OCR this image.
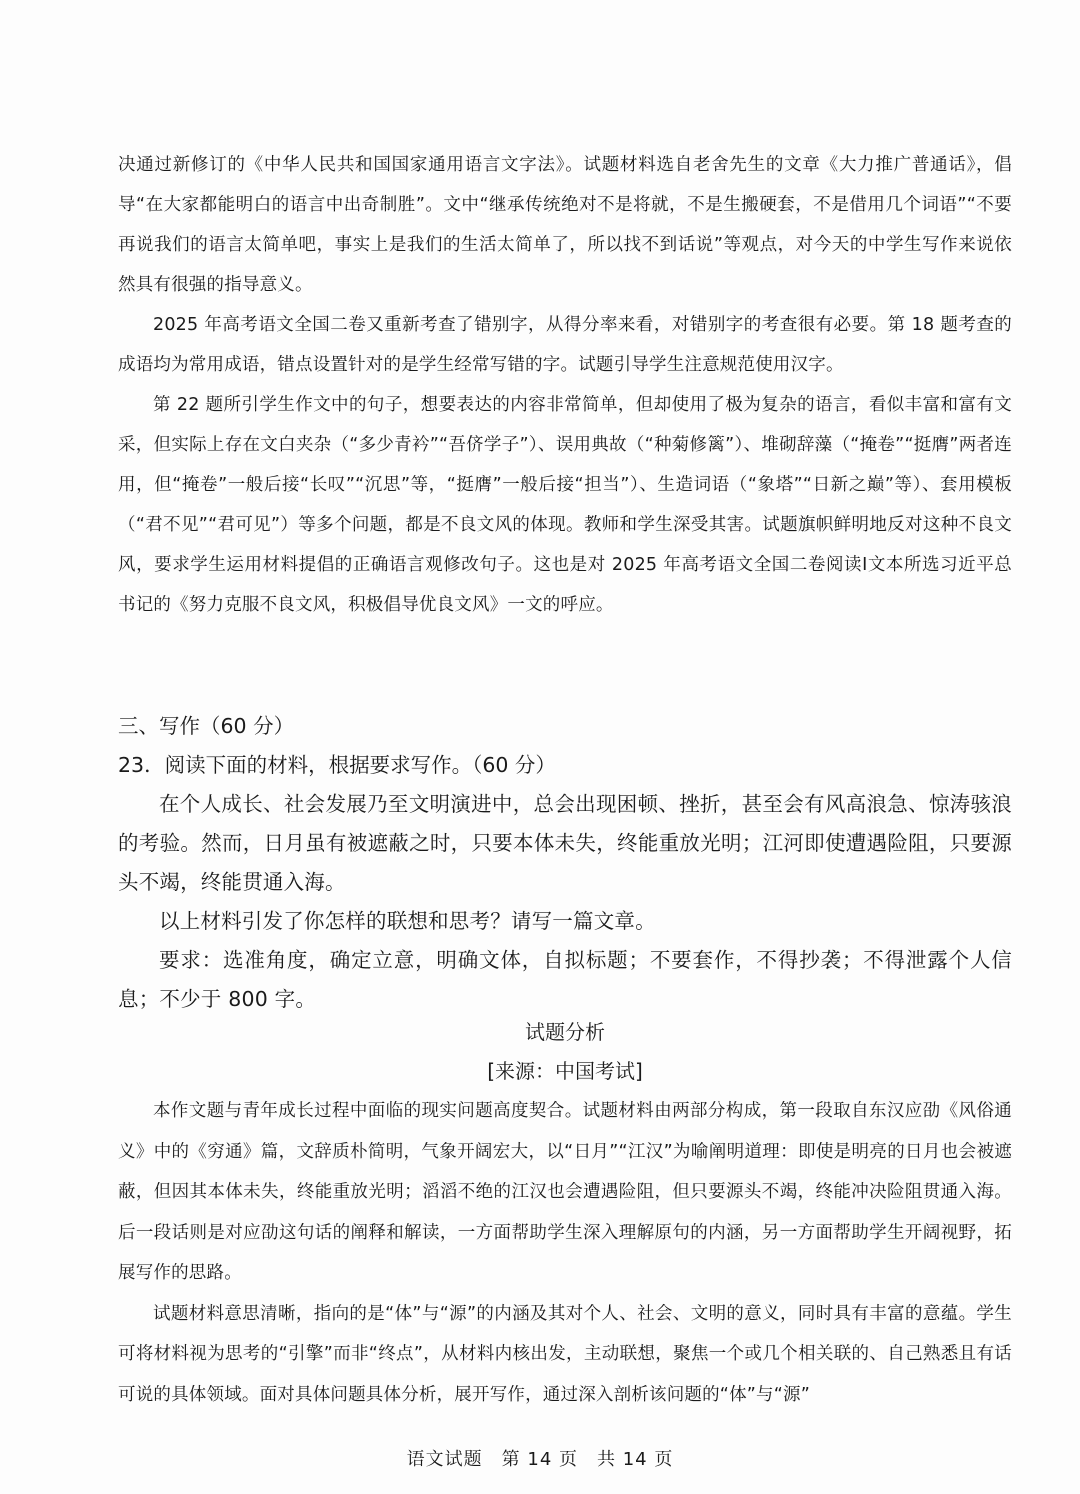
决通过新修订的《中华人民共和国国家通用语言文字法》。试题材料选自老舍先生的文章《大力推广普通话》，倡导“在大家都能明白的语言中出奇制胜”。文中“继承传统绝对不是将就，不是生搬硬套，不是借用几个词语”“不要再说我们的语言太简单吧，事实上是我们的生活太简单了，所以找不到话说”等观点，对今天的中学生写作来说依然具有很强的指导意义。

2025 年高考语文全国二卷又重新考查了错别字，从得分率来看，对错别字的考查很有必要。第 18 题考查的成语均为常用成语，错点设置针对的是学生经常写错的字。试题引导学生注意规范使用汉字。

第 22 题所引学生作文中的句子，想要表达的内容非常简单，但却使用了极为复杂的语言，看似丰富和富有文采，但实际上存在文白夹杂（“多少青衿”“吾侪学子”）、误用典故（“种菊修篱”）、堆砌辞藻（“掩卷”“挺膺”两者连用，但“掩卷”一般后接“长叹”“沉思”等，“挺膺”一般后接“担当”）、生造词语（“象塔”“日新之巅”等）、套用模板（“君不见”“君可见”）等多个问题，都是不良文风的体现。教师和学生深受其害。试题旗帜鲜明地反对这种不良文风，要求学生运用材料提倡的正确语言观修改句子。这也是对 2025 年高考语文全国二卷阅读Ⅰ文本所选习近平总书记的《努力克服不良文风，积极倡导优良文风》一文的呼应。

三、写作（60 分）

23．阅读下面的材料，根据要求写作。（60 分）

在个人成长、社会发展乃至文明演进中，总会出现困顿、挫折，甚至会有风高浪急、惊涛骇浪的考验。然而，日月虽有被遮蔽之时，只要本体未失，终能重放光明；江河即使遭遇险阻，只要源头不竭，终能贯通入海。

以上材料引发了你怎样的联想和思考？请写一篇文章。

要求：选准角度，确定立意，明确文体，自拟标题；不要套作，不得抄袭；不得泄露个人信息；不少于 800 字。

试题分析

[来源：中国考试]

本作文题与青年成长过程中面临的现实问题高度契合。试题材料由两部分构成，第一段取自东汉应劭《风俗通义》中的《穷通》篇，文辞质朴简明，气象开阔宏大，以“日月”“江汉”为喻阐明道理：即使是明亮的日月也会被遮蔽，但因其本体未失，终能重放光明；滔滔不绝的江汉也会遭遇险阻，但只要源头不竭，终能冲决险阻贯通入海。后一段话则是对应劭这句话的阐释和解读，一方面帮助学生深入理解原句的内涵，另一方面帮助学生开阔视野，拓展写作的思路。

试题材料意思清晰，指向的是“体”与“源”的内涵及其对个人、社会、文明的意义，同时具有丰富的意蕴。学生可将材料视为思考的“引擎”而非“终点”，从材料内核出发，主动联想，聚焦一个或几个相关联的、自己熟悉且有话可说的具体领域。面对具体问题具体分析，展开写作，通过深入剖析该问题的“体”与“源”

语文试题　第 14 页　共 14 页
